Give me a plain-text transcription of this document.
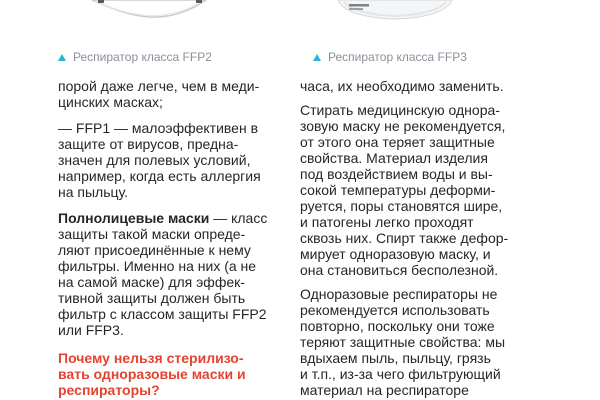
Респиратор класса FFP2	Респиратор класса FFP3

порой даже легче, чем в меди-
цинских масках;

— FFP1 — малоэффективен в
защите от вирусов, предна-
значен для полевых условий,
например, когда есть аллергия
на пыльцу.

Полнолицевые маски — класс
защиты такой маски опреде-
ляют присоединённые к нему
фильтры. Именно на них (а не
на самой маске) для эффек-
тивной защиты должен быть
фильтр с классом защиты FFP2
или FFP3.

Почему нельзя стерилизо-
вать одноразовые маски и
респираторы?

часа, их необходимо заменить.

Стирать медицинскую однора-
зовую маску не рекомендуется,
от этого она теряет защитные
свойства. Материал изделия
под воздействием воды и вы-
сокой температуры деформи-
руется, поры становятся шире,
и патогены легко проходят
сквозь них. Спирт также дефор-
мирует одноразовую маску, и
она становиться бесполезной.

Одноразовые респираторы не
рекомендуется использовать
повторно, поскольку они тоже
теряют защитные свойства: мы
вдыхаем пыль, пыльцу, грязь
и т.п., из-за чего фильтрующий
материал на респираторе
